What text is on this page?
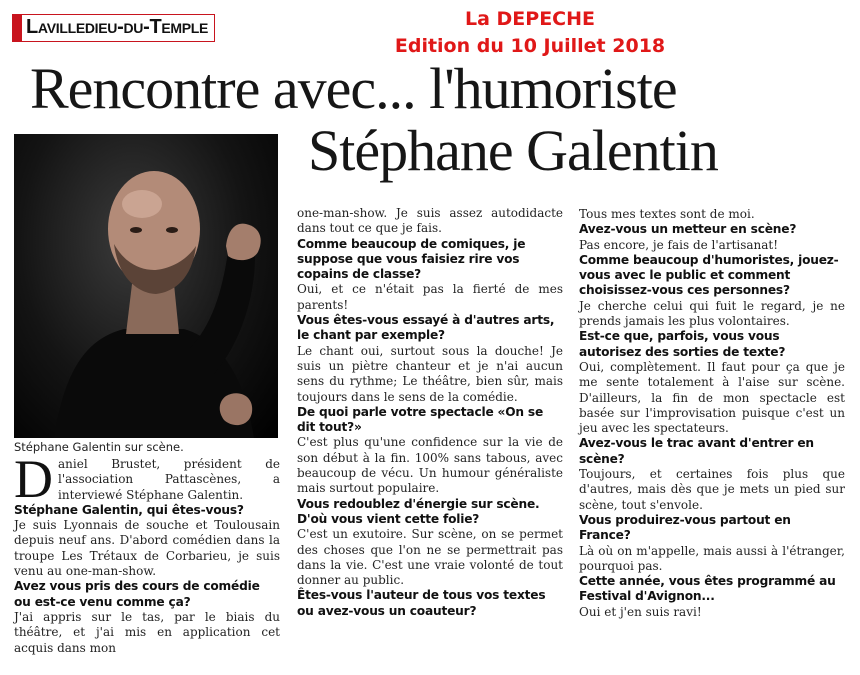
Lavilledieu-du-Temple	La DEPECHE
Edition du 10 Juillet 2018
Rencontre avec... l'humoriste
Stéphane Galentin

Stéphane Galentin sur scène.

Daniel Brustet, président de l'association Pattascènes, a interviewé Stéphane Galentin.

Stéphane Galentin, qui êtes-vous?

Je suis Lyonnais de souche et Toulousain depuis neuf ans. D'abord comédien dans la troupe Les Trétaux de Corbarieu, je suis venu au one-man-show.

Avez vous pris des cours de comédie ou est-ce venu comme ça?

J'ai appris sur le tas, par le biais du théâtre, et j'ai mis en application cet acquis dans mon

one-man-show. Je suis assez autodidacte dans tout ce que je fais.

Comme beaucoup de comiques, je suppose que vous faisiez rire vos copains de classe?

Oui, et ce n'était pas la fierté de mes parents!

Vous êtes-vous essayé à d'autres arts, le chant par exemple?

Le chant oui, surtout sous la douche! Je suis un piètre chanteur et je n'ai aucun sens du rythme; Le théâtre, bien sûr, mais toujours dans le sens de la comédie.

De quoi parle votre spectacle «On se dit tout?»

C'est plus qu'une confidence sur la vie de son début à la fin. 100% sans tabous, avec beaucoup de vécu. Un humour généraliste mais surtout populaire.

Vous redoublez d'énergie sur scène. D'où vous vient cette folie?

C'est un exutoire. Sur scène, on se permet des choses que l'on ne se permettrait pas dans la vie. C'est une vraie volonté de tout donner au public.

Êtes-vous l'auteur de tous vos textes ou avez-vous un coauteur?

Tous mes textes sont de moi.

Avez-vous un metteur en scène?

Pas encore, je fais de l'artisanat!

Comme beaucoup d'humoristes, jouez-vous avec le public et comment choisissez-vous ces personnes?

Je cherche celui qui fuit le regard, je ne prends jamais les plus volontaires.

Est-ce que, parfois, vous vous autorisez des sorties de texte?

Oui, complètement. Il faut pour ça que je me sente totalement à l'aise sur scène. D'ailleurs, la fin de mon spectacle est basée sur l'improvisation puisque c'est un jeu avec les spectateurs.

Avez-vous le trac avant d'entrer en scène?

Toujours, et certaines fois plus que d'autres, mais dès que je mets un pied sur scène, tout s'envole.

Vous produirez-vous partout en France?

Là où on m'appelle, mais aussi à l'étranger, pourquoi pas.

Cette année, vous êtes programmé au Festival d'Avignon...

Oui et j'en suis ravi!
